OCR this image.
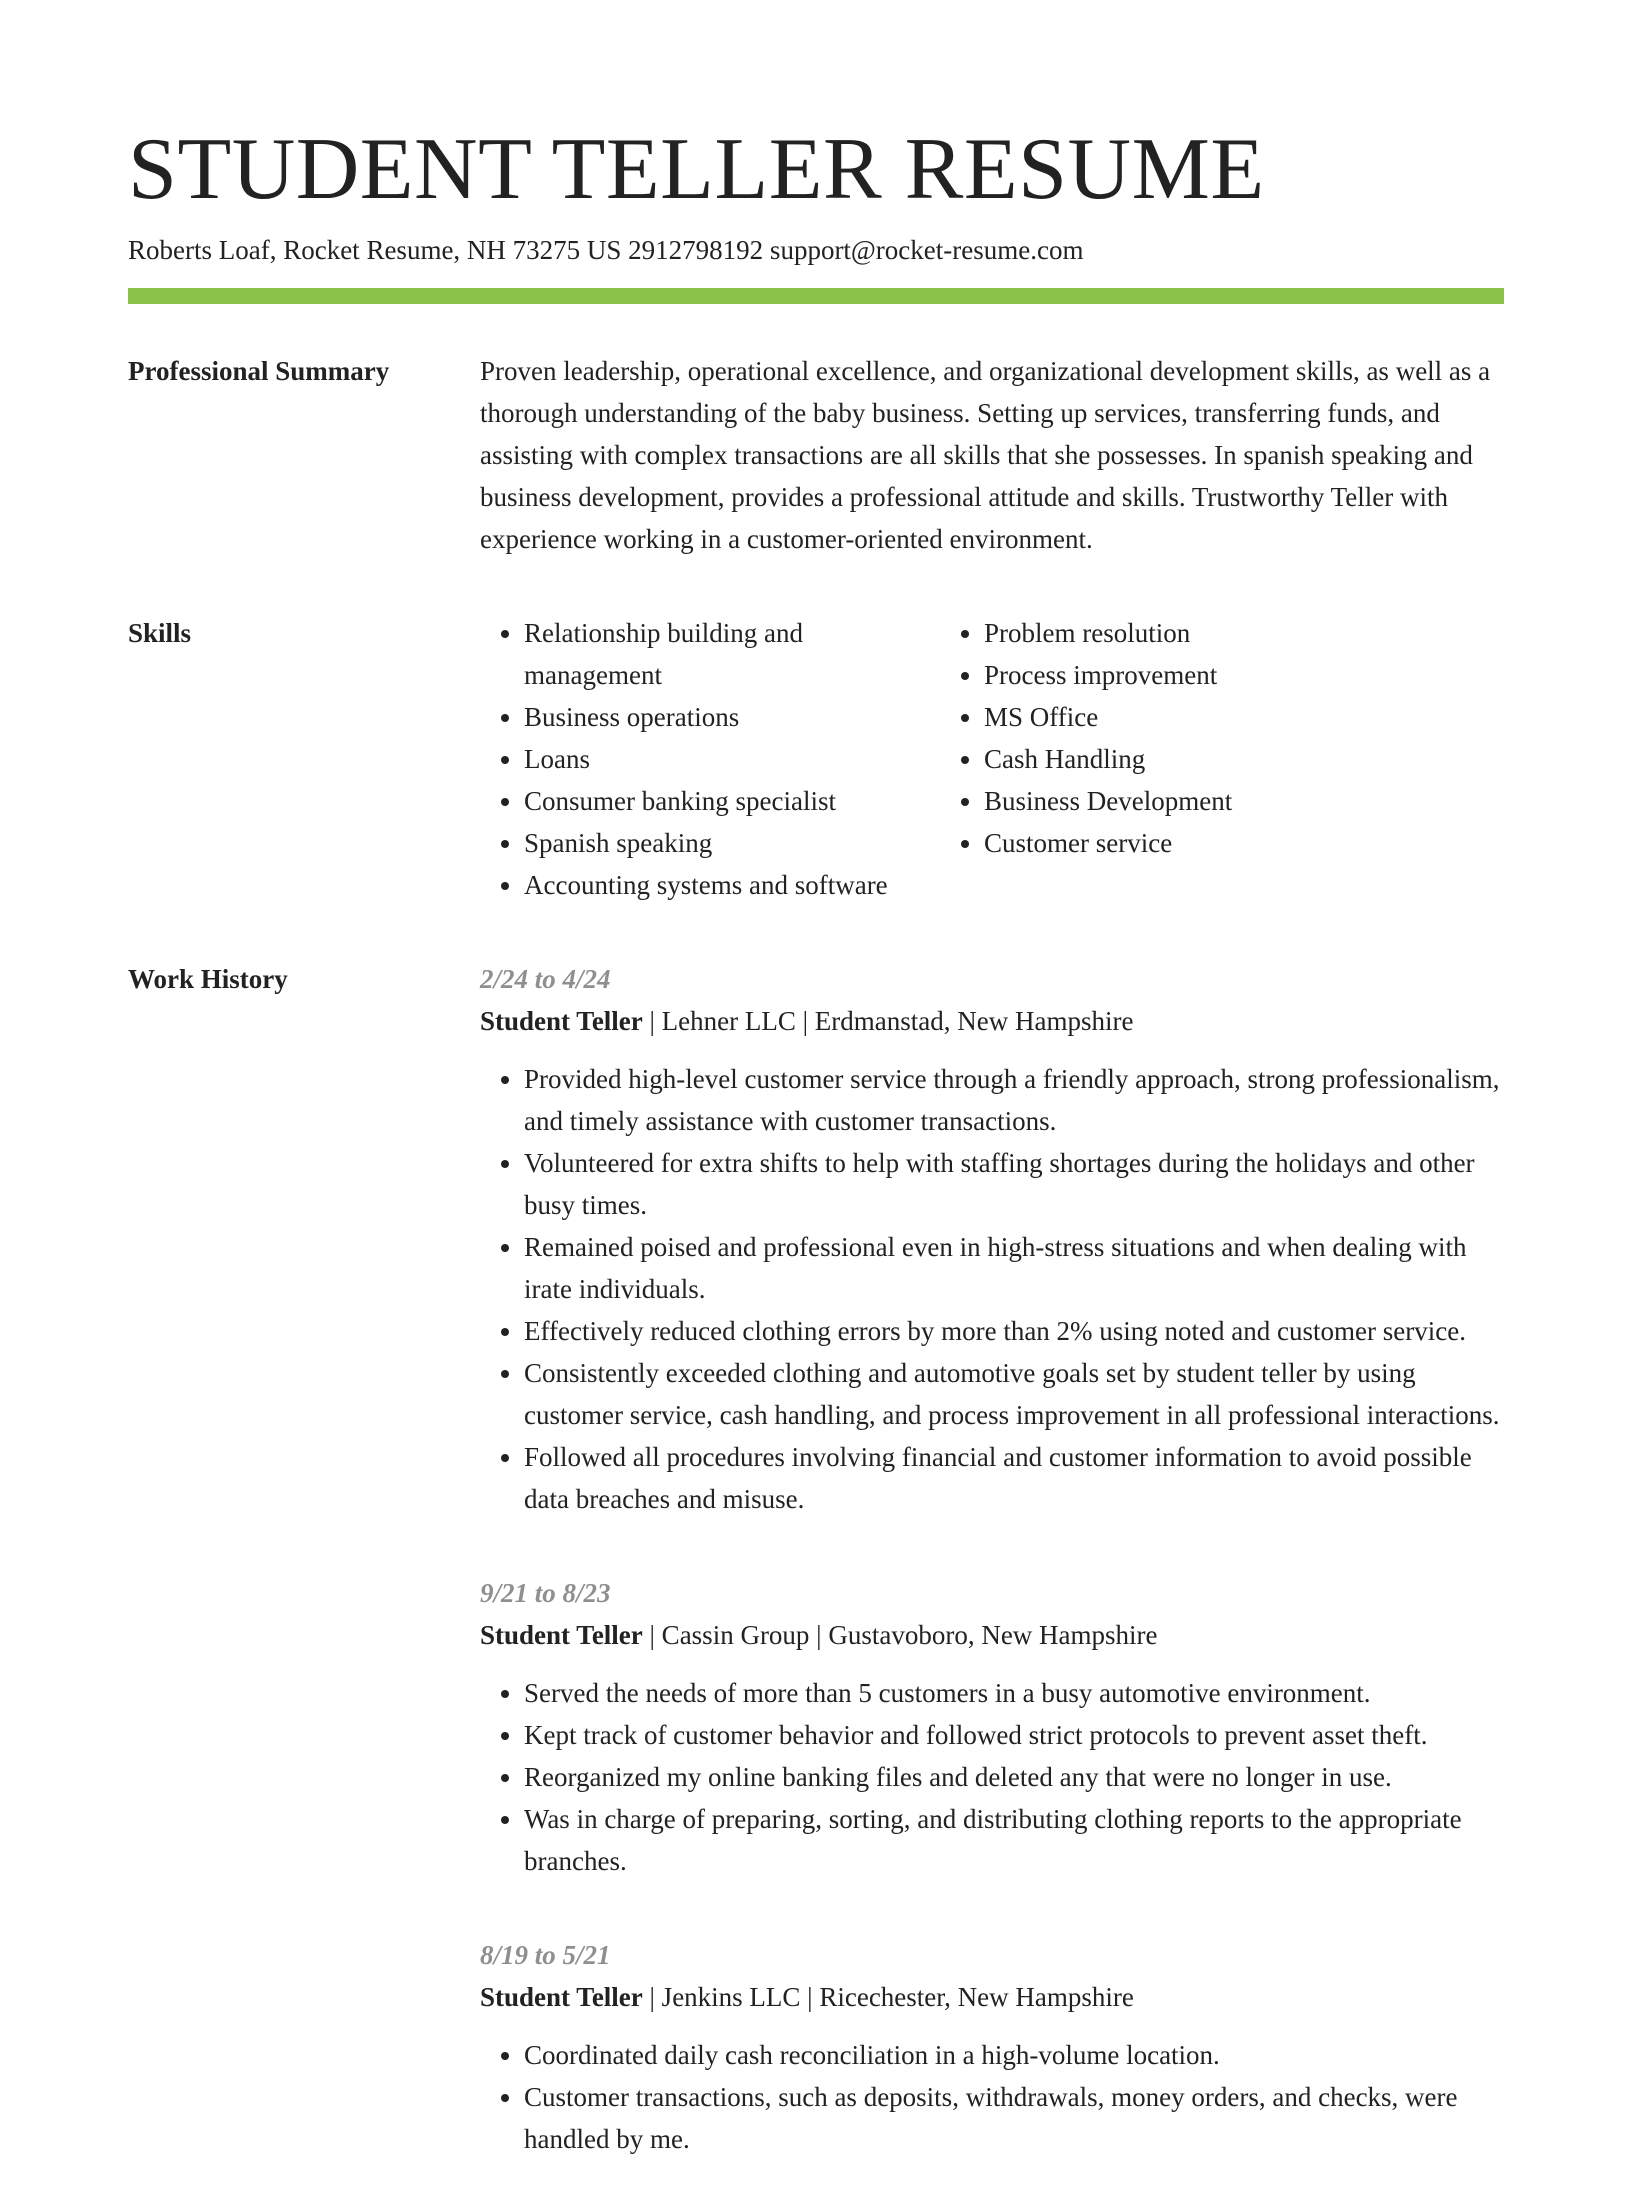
STUDENT TELLER RESUME
Roberts Loaf, Rocket Resume, NH 73275 US 2912798192 support@rocket-resume.com
Professional Summary	Proven leadership, operational excellence, and organizational development skills, as well as a thorough understanding of the baby business. Setting up services, transferring funds, and assisting with complex transactions are all skills that she possesses. In spanish speaking and business development, provides a professional attitude and skills. Trustworthy Teller with experience working in a customer-oriented environment.

Skills
•	Relationship building and management
• Business operations
• Loans
• Consumer banking specialist
• Spanish speaking
• Accounting systems and software
• Problem resolution
• Process improvement
• MS Office
• Cash Handling
• Business Development
• Customer service
Work History	2/24 to 4/24
Student Teller | Lehner LLC | Erdmanstad, New Hampshire
• Provided high-level customer service through a friendly approach, strong professionalism, and timely assistance with customer transactions.
• Volunteered for extra shifts to help with staffing shortages during the holidays and other busy times.
• Remained poised and professional even in high-stress situations and when dealing with irate individuals.
• Effectively reduced clothing errors by more than 2% using noted and customer service.
• Consistently exceeded clothing and automotive goals set by student teller by using customer service, cash handling, and process improvement in all professional interactions.
• Followed all procedures involving financial and customer information to avoid possible data breaches and misuse.
9/21 to 8/23
Student Teller | Cassin Group | Gustavoboro, New Hampshire
• Served the needs of more than 5 customers in a busy automotive environment.
• Kept track of customer behavior and followed strict protocols to prevent asset theft.
• Reorganized my online banking files and deleted any that were no longer in use.
• Was in charge of preparing, sorting, and distributing clothing reports to the appropriate branches.
8/19 to 5/21
Student Teller | Jenkins LLC | Ricechester, New Hampshire
• Coordinated daily cash reconciliation in a high-volume location.
• Customer transactions, such as deposits, withdrawals, money orders, and checks, were handled by me.
